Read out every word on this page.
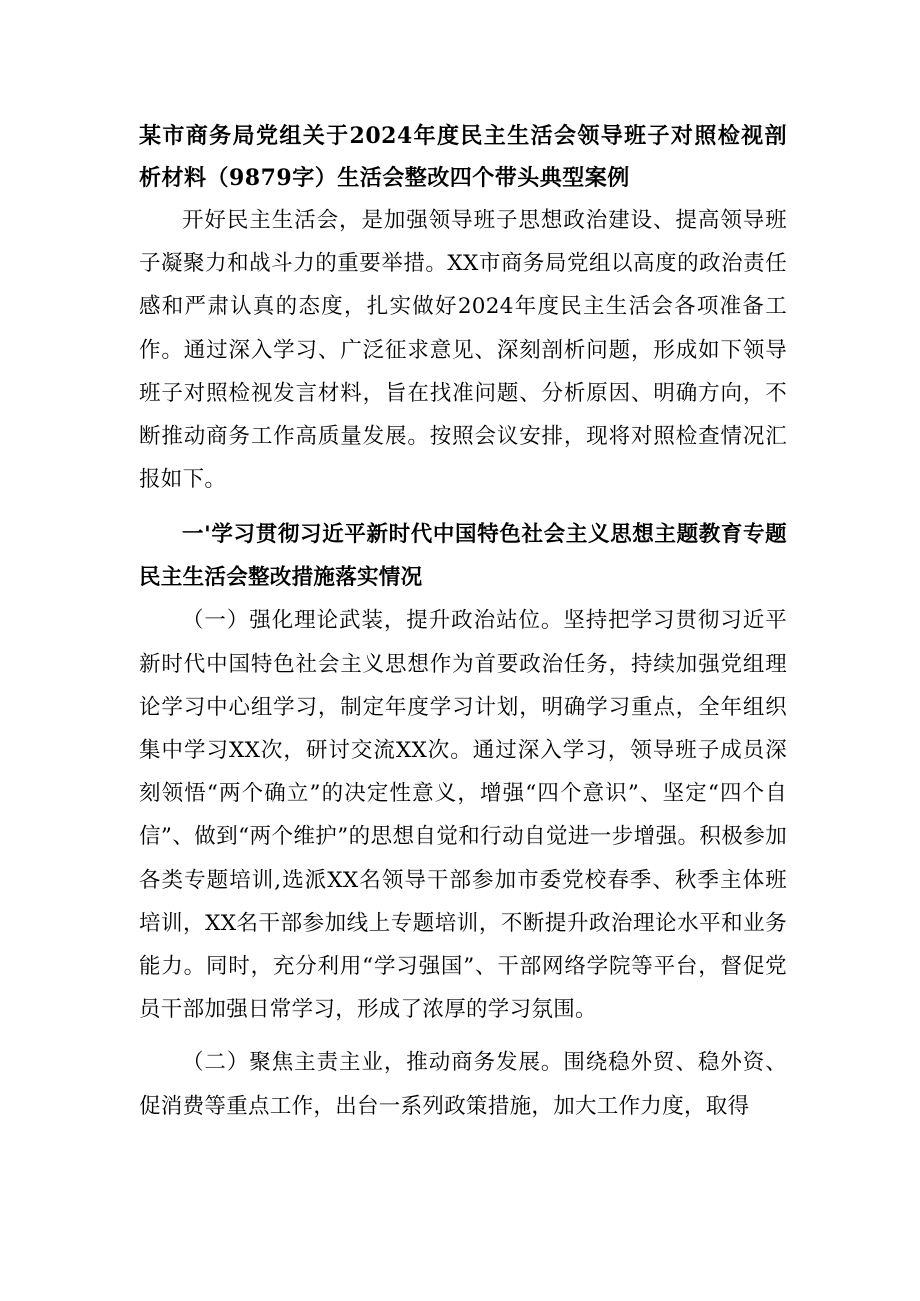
某市商务局党组关于2024年度民主生活会领导班子对照检视剖析材料（9879字）生活会整改四个带头典型案例

开好民主生活会，是加强领导班子思想政治建设、提高领导班子凝聚力和战斗力的重要举措。XX市商务局党组以高度的政治责任感和严肃认真的态度，扎实做好2024年度民主生活会各项准备工作。通过深入学习、广泛征求意见、深刻剖析问题，形成如下领导班子对照检视发言材料，旨在找准问题、分析原因、明确方向，不断推动商务工作高质量发展。按照会议安排，现将对照检查情况汇报如下。

一'学习贯彻习近平新时代中国特色社会主义思想主题教育专题民主生活会整改措施落实情况

（一）强化理论武装，提升政治站位。坚持把学习贯彻习近平新时代中国特色社会主义思想作为首要政治任务，持续加强党组理论学习中心组学习，制定年度学习计划，明确学习重点，全年组织集中学习XX次，研讨交流XX次。通过深入学习，领导班子成员深刻领悟“两个确立”的决定性意义，增强“四个意识”、坚定“四个自信”、做到“两个维护”的思想自觉和行动自觉进一步增强。积极参加各类专题培训,选派XX名领导干部参加市委党校春季、秋季主体班培训，XX名干部参加线上专题培训，不断提升政治理论水平和业务能力。同时，充分利用“学习强国”、干部网络学院等平台，督促党员干部加强日常学习，形成了浓厚的学习氛围。

（二）聚焦主责主业，推动商务发展。围绕稳外贸、稳外资、促消费等重点工作，出台一系列政策措施，加大工作力度，取得
